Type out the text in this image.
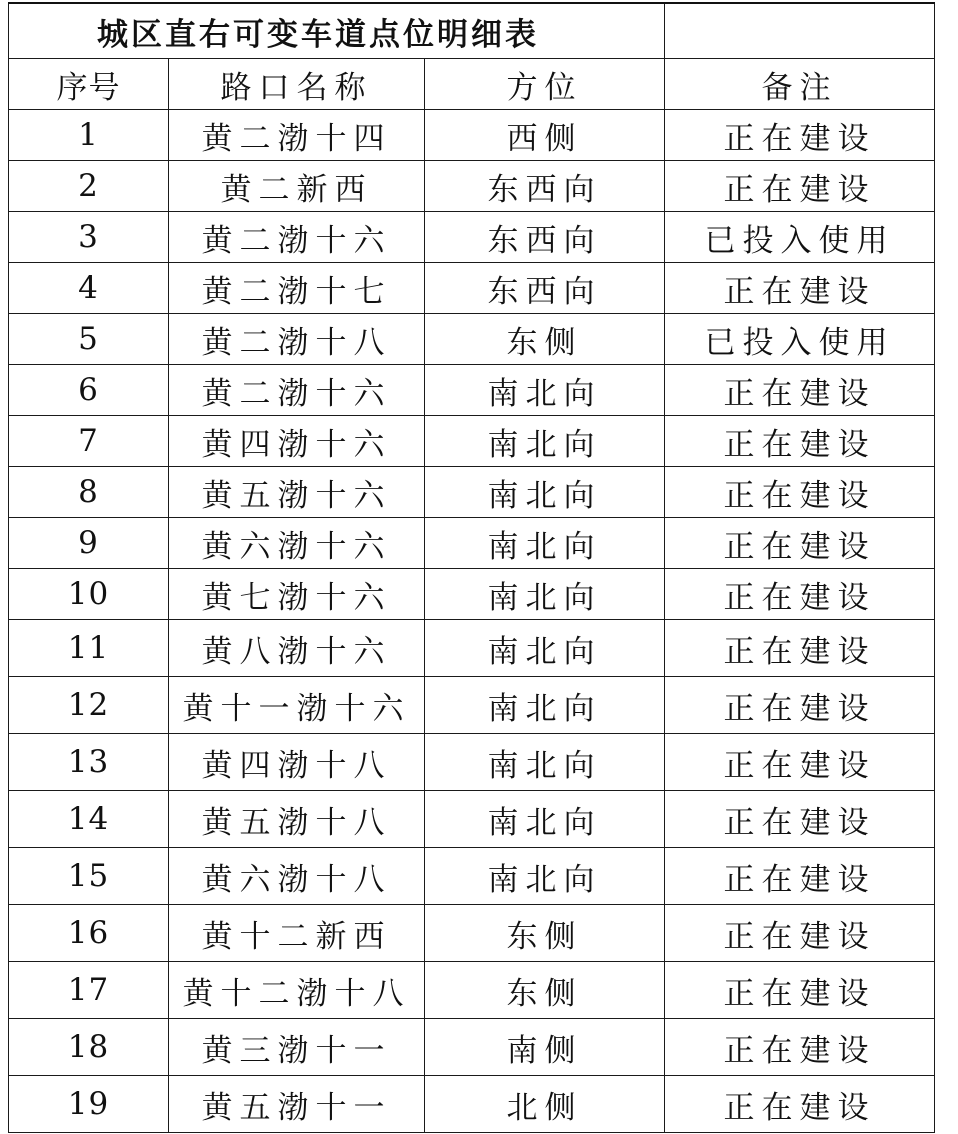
城区直右可变车道点位明细表			
序号	路口名称	方位	备注
1	黄二渤十四	西侧	正在建设
2	黄二新西	东西向	正在建设
3	黄二渤十六	东西向	已投入使用
4	黄二渤十七	东西向	正在建设
5	黄二渤十八	东侧	已投入使用
6	黄二渤十六	南北向	正在建设
7	黄四渤十六	南北向	正在建设
8	黄五渤十六	南北向	正在建设
9	黄六渤十六	南北向	正在建设
10	黄七渤十六	南北向	正在建设
11	黄八渤十六	南北向	正在建设
12	黄十一渤十六	南北向	正在建设
13	黄四渤十八	南北向	正在建设
14	黄五渤十八	南北向	正在建设
15	黄六渤十八	南北向	正在建设
16	黄十二新西	东侧	正在建设
17	黄十二渤十八	东侧	正在建设
18	黄三渤十一	南侧	正在建设
19	黄五渤十一	北侧	正在建设
